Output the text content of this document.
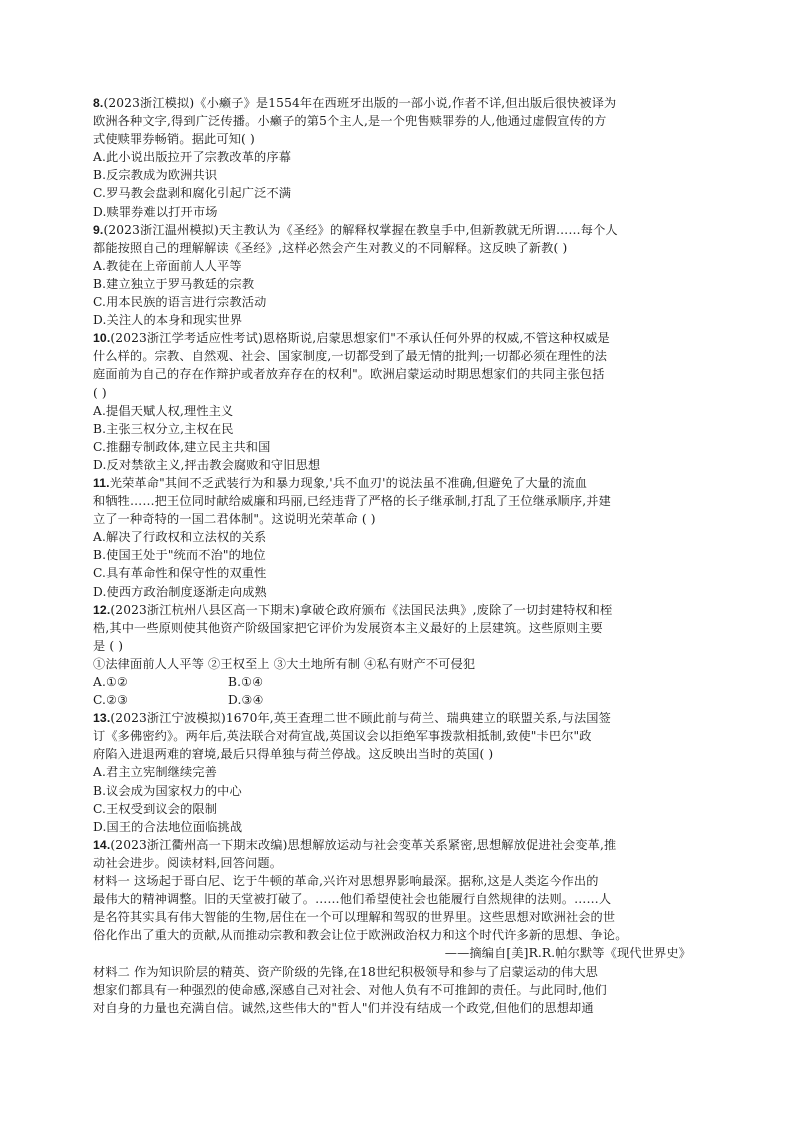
8.(2023浙江模拟)《小癞子》是1554年在西班牙出版的一部小说,作者不详,但出版后很快被译为
欧洲各种文字,得到广泛传播。小癞子的第5个主人,是一个兜售赎罪券的人,他通过虚假宣传的方
式使赎罪券畅销。据此可知( )
A.此小说出版拉开了宗教改革的序幕
B.反宗教成为欧洲共识
C.罗马教会盘剥和腐化引起广泛不满
D.赎罪券难以打开市场
9.(2023浙江温州模拟)天主教认为《圣经》的解释权掌握在教皇手中,但新教就无所谓……每个人
都能按照自己的理解解读《圣经》,这样必然会产生对教义的不同解释。这反映了新教( )
A.教徒在上帝面前人人平等
B.建立独立于罗马教廷的宗教
C.用本民族的语言进行宗教活动
D.关注人的本身和现实世界
10.(2023浙江学考适应性考试)恩格斯说,启蒙思想家们"不承认任何外界的权威,不管这种权威是
什么样的。宗教、自然观、社会、国家制度,一切都受到了最无情的批判;一切都必须在理性的法
庭面前为自己的存在作辩护或者放弃存在的权利"。欧洲启蒙运动时期思想家们的共同主张包括
( )
A.提倡天赋人权,理性主义
B.主张三权分立,主权在民
C.推翻专制政体,建立民主共和国
D.反对禁欲主义,抨击教会腐败和守旧思想
11.光荣革命"其间不乏武装行为和暴力现象,'兵不血刃'的说法虽不准确,但避免了大量的流血
和牺牲……把王位同时献给威廉和玛丽,已经违背了严格的长子继承制,打乱了王位继承顺序,并建
立了一种奇特的一国二君体制"。这说明光荣革命 ( )
A.解决了行政权和立法权的关系
B.使国王处于"统而不治"的地位
C.具有革命性和保守性的双重性
D.使西方政治制度逐渐走向成熟
12.(2023浙江杭州八县区高一下期末)拿破仑政府颁布《法国民法典》,废除了一切封建特权和桎
梏,其中一些原则使其他资产阶级国家把它评价为发展资本主义最好的上层建筑。这些原则主要
是 ( )
①法律面前人人平等 ②王权至上 ③大土地所有制 ④私有财产不可侵犯
A.①②	B.①④
C.②③	D.③④
13.(2023浙江宁波模拟)1670年,英王查理二世不顾此前与荷兰、瑞典建立的联盟关系,与法国签
订《多佛密约》。两年后,英法联合对荷宣战,英国议会以拒绝军事拨款相抵制,致使"卡巴尔"政
府陷入进退两难的窘境,最后只得单独与荷兰停战。这反映出当时的英国( )
A.君主立宪制继续完善
B.议会成为国家权力的中心
C.王权受到议会的限制
D.国王的合法地位面临挑战
14.(2023浙江衢州高一下期末改编)思想解放运动与社会变革关系紧密,思想解放促进社会变革,推
动社会进步。阅读材料,回答问题。
材料一 这场起于哥白尼、讫于牛顿的革命,兴许对思想界影响最深。据称,这是人类迄今作出的
最伟大的精神调整。旧的天堂被打破了。……他们希望使社会也能履行自然规律的法则。……人
是名符其实具有伟大智能的生物,居住在一个可以理解和驾驭的世界里。这些思想对欧洲社会的世
俗化作出了重大的贡献,从而推动宗教和教会让位于欧洲政治权力和这个时代许多新的思想、争论。
——摘编自[美]R.R.帕尔默等《现代世界史》
材料二 作为知识阶层的精英、资产阶级的先锋,在18世纪积极领导和参与了启蒙运动的伟大思
想家们都具有一种强烈的使命感,深感自己对社会、对他人负有不可推卸的责任。与此同时,他们
对自身的力量也充满自信。诚然,这些伟大的"哲人"们并没有结成一个政党,但他们的思想却通
